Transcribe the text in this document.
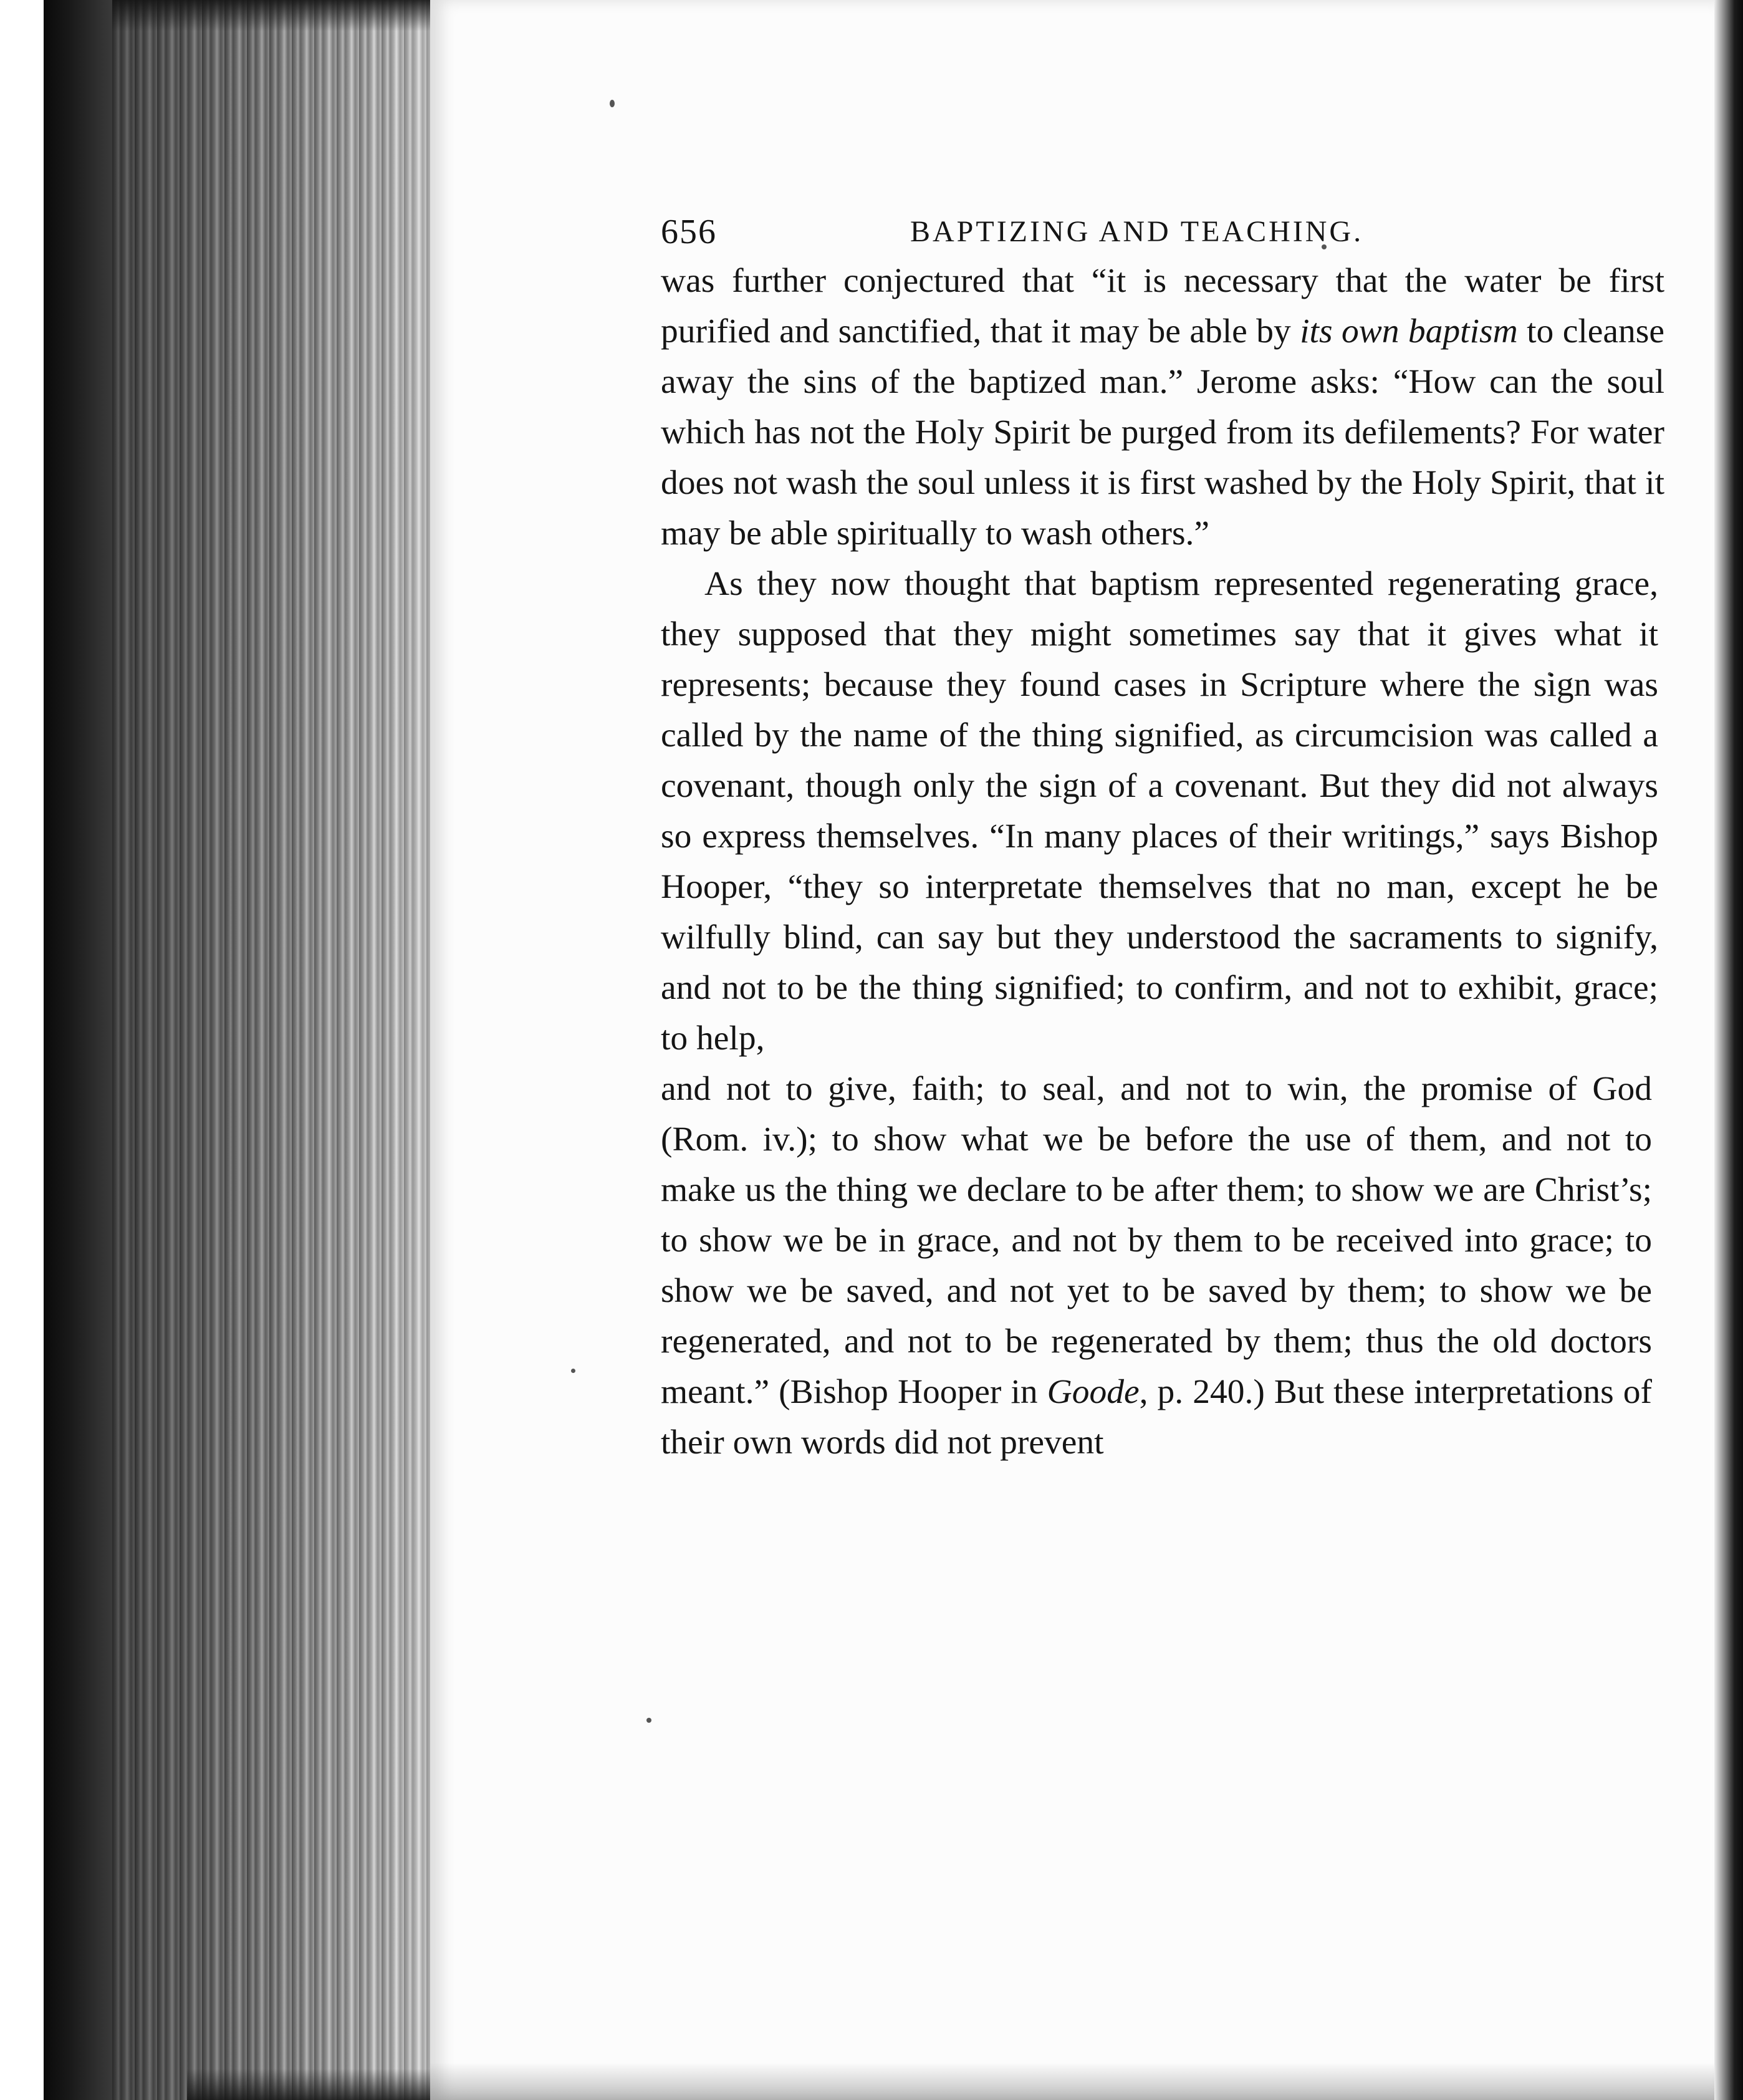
656	BAPTIZING AND TEACHING.

was further conjectured that “it is necessary that the water be first purified and sanctified, that it may be able by its own baptism to cleanse away the sins of the baptized man.” Jerome asks: “How can the soul which has not the Holy Spirit be purged from its defilements? For water does not wash the soul unless it is first washed by the Holy Spirit, that it may be able spiritually to wash others.”

As they now thought that baptism represented regenerating grace, they supposed that they might sometimes say that it gives what it represents; because they found cases in Scripture where the sign was called by the name of the thing signified, as circumcision was called a covenant, though only the sign of a covenant. But they did not always so express themselves. “In many places of their writings,” says Bishop Hooper, “they so interpretate themselves that no man, except he be wilfully blind, can say but they understood the sacraments to signify, and not to be the thing signified; to confirm, and not to exhibit, grace; to help,

and not to give, faith; to seal, and not to win, the promise of God (Rom. iv.); to show what we be before the use of them, and not to make us the thing we declare to be after them; to show we are Christ’s; to show we be in grace, and not by them to be received into grace; to show we be saved, and not yet to be saved by them; to show we be regenerated, and not to be regenerated by them; thus the old doctors meant.” (Bishop Hooper in Goode, p. 240.) But these interpretations of their own words did not prevent
